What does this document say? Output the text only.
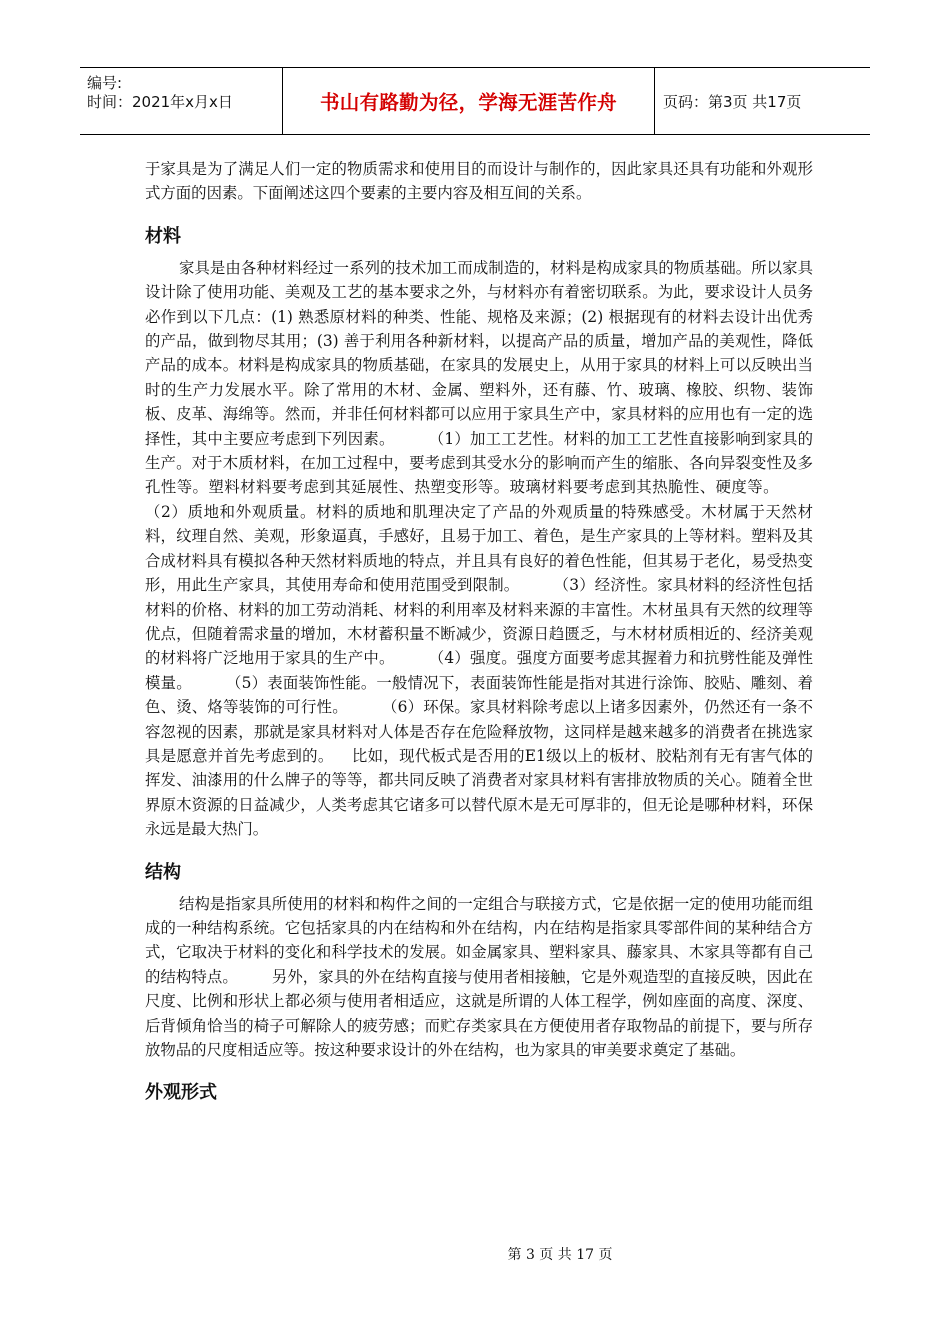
编号:
时间：2021年x月x日	书山有路勤为径，学海无涯苦作舟	页码：第3页 共17页

于家具是为了满足人们一定的物质需求和使用目的而设计与制作的，因此家具还具有功能和外观形式方面的因素。下面阐述这四个要素的主要内容及相互间的关系。

材料

家具是由各种材料经过一系列的技术加工而成制造的，材料是构成家具的物质基础。所以家具设计除了使用功能、美观及工艺的基本要求之外，与材料亦有着密切联系。为此，要求设计人员务必作到以下几点：(1) 熟悉原材料的种类、性能、规格及来源；(2) 根据现有的材料去设计出优秀的产品，做到物尽其用；(3) 善于利用各种新材料，以提高产品的质量，增加产品的美观性，降低产品的成本。材料是构成家具的物质基础，在家具的发展史上，从用于家具的材料上可以反映出当时的生产力发展水平。除了常用的木材、金属、塑料外，还有藤、竹、玻璃、橡胶、织物、装饰板、皮革、海绵等。然而，并非任何材料都可以应用于家具生产中，家具材料的应用也有一定的选择性，其中主要应考虑到下列因素。 （1）加工工艺性。材料的加工工艺性直接影响到家具的生产。对于木质材料，在加工过程中，要考虑到其受水分的影响而产生的缩胀、各向异裂变性及多孔性等。塑料材料要考虑到其延展性、热塑变形等。玻璃材料要考虑到其热脆性、硬度等。（2）质地和外观质量。材料的质地和肌理决定了产品的外观质量的特殊感受。木材属于天然材料，纹理自然、美观，形象逼真，手感好，且易于加工、着色，是生产家具的上等材料。塑料及其合成材料具有模拟各种天然材料质地的特点，并且具有良好的着色性能，但其易于老化，易受热变形，用此生产家具，其使用寿命和使用范围受到限制。 （3）经济性。家具材料的经济性包括材料的价格、材料的加工劳动消耗、材料的利用率及材料来源的丰富性。木材虽具有天然的纹理等优点，但随着需求量的增加，木材蓄积量不断减少，资源日趋匮乏，与木材材质相近的、经济美观的材料将广泛地用于家具的生产中。 （4）强度。强度方面要考虑其握着力和抗劈性能及弹性模量。 （5）表面装饰性能。一般情况下，表面装饰性能是指对其进行涂饰、胶贴、雕刻、着色、烫、烙等装饰的可行性。 （6）环保。家具材料除考虑以上诸多因素外，仍然还有一条不容忽视的因素，那就是家具材料对人体是否存在危险释放物，这同样是越来越多的消费者在挑选家具是愿意并首先考虑到的。 比如，现代板式是否用的E1级以上的板材、胶粘剂有无有害气体的挥发、油漆用的什么牌子的等等，都共同反映了消费者对家具材料有害排放物质的关心。随着全世界原木资源的日益减少，人类考虑其它诸多可以替代原木是无可厚非的，但无论是哪种材料，环保永远是最大热门。

结构

结构是指家具所使用的材料和构件之间的一定组合与联接方式，它是依据一定的使用功能而组成的一种结构系统。它包括家具的内在结构和外在结构，内在结构是指家具零部件间的某种结合方式，它取决于材料的变化和科学技术的发展。如金属家具、塑料家具、藤家具、木家具等都有自己的结构特点。 另外，家具的外在结构直接与使用者相接触，它是外观造型的直接反映，因此在尺度、比例和形状上都必须与使用者相适应，这就是所谓的人体工程学，例如座面的高度、深度、后背倾角恰当的椅子可解除人的疲劳感；而贮存类家具在方便使用者存取物品的前提下，要与所存放物品的尺度相适应等。按这种要求设计的外在结构，也为家具的审美要求奠定了基础。

外观形式
第 3 页 共 17 页
